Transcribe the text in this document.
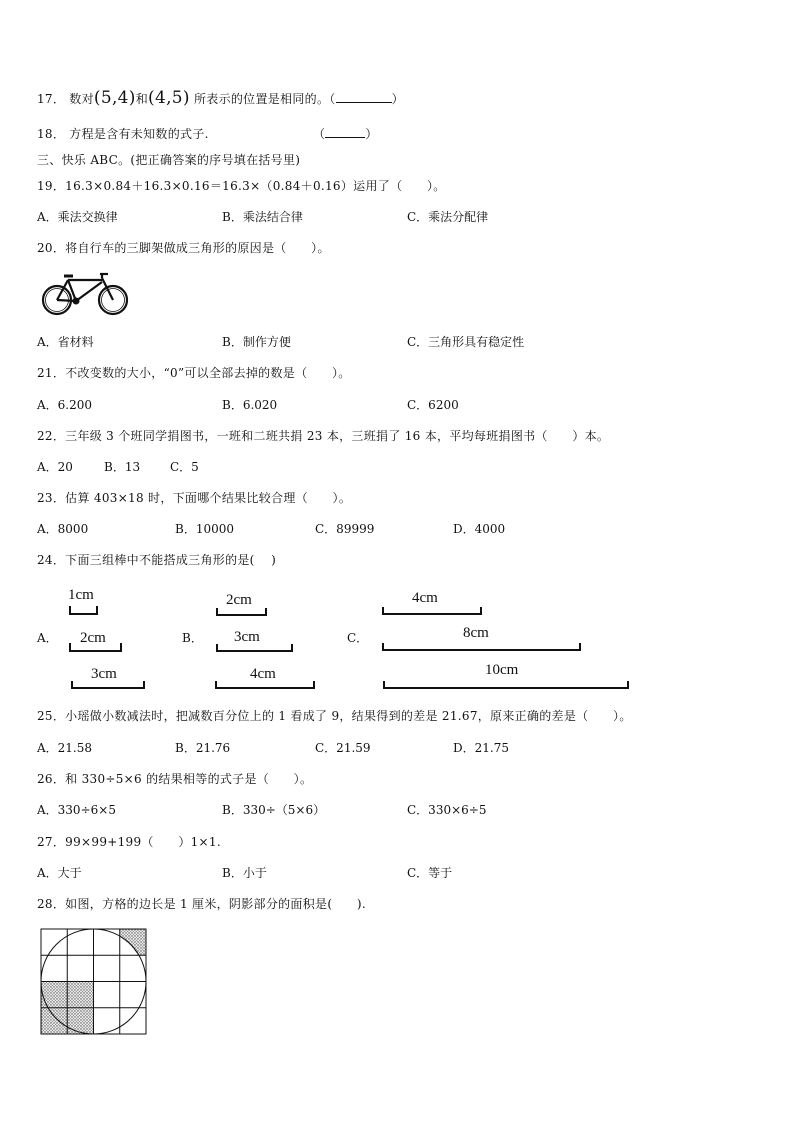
17． 数对(5,4)和(4,5) 所表示的位置是相同的。（	）
18． 方程是含有未知数的式子.	（	）
三、快乐 ABC。(把正确答案的序号填在括号里)
19．16.3×0.84＋16.3×0.16＝16.3×（0.84＋0.16）运用了（　　）。
A．乘法交换律	B．乘法结合律	C．乘法分配律
20．将自行车的三脚架做成三角形的原因是（　　）。
A．省材料	B．制作方便	C．三角形具有稳定性
21．不改变数的大小，“0”可以全部去掉的数是（　　）。
A．6.200	B．6.020	C．6200
22．三年级 3 个班同学捐图书，一班和二班共捐 23 本，三班捐了 16 本，平均每班捐图书（　　）本。
A．20	B．13 C．5
23．估算 403×18 时，下面哪个结果比较合理（　　）。
A．8000	B．10000	C．89999	D．4000
24．下面三组棒中不能搭成三角形的是(　 )
A．
1cm
2cm
3cm
B．
2cm
3cm
4cm
C．
4cm
8cm
10cm
25．小瑶做小数减法时，把减数百分位上的 1 看成了 9，结果得到的差是 21.67，原来正确的差是（　　）。
A．21.58	B．21.76	C．21.59	D．21.75
26．和 330÷5×6 的结果相等的式子是（　　）。
A．330÷6×5	B．330÷（5×6）	C．330×6÷5
27．99×99+199（　　）1×1.
A．大于	B．小于	C．等于
28．如图，方格的边长是 1 厘米，阴影部分的面积是(　　).
